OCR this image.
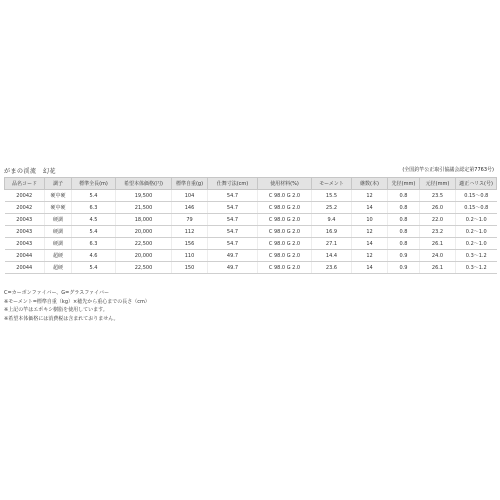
がまの渓流　幻花	(全国釣竿公正取引協議会認定第7763号)
品名コード	調子	標準全長(m)	希望本体価格(円)	標準自重(g)	仕舞寸法(cm)	使用材料(%)	モーメント	継数(本)	先径(mm)	元径(mm)	適正ハリス(号)
20042	硬中硬	5.4	19,500	104	54.7	C 98.0 G 2.0	15.5	12	0.8	23.5	0.15〜0.8
20042	硬中硬	6.3	21,500	146	54.7	C 98.0 G 2.0	25.2	14	0.8	26.0	0.15〜0.8
20043	硬調	4.5	18,000	79	54.7	C 98.0 G 2.0	9.4	10	0.8	22.0	0.2〜1.0
20043	硬調	5.4	20,000	112	54.7	C 98.0 G 2.0	16.9	12	0.8	23.2	0.2〜1.0
20043	硬調	6.3	22,500	156	54.7	C 98.0 G 2.0	27.1	14	0.8	26.1	0.2〜1.0
20044	超硬	4.6	20,000	110	49.7	C 98.0 G 2.0	14.4	12	0.9	24.0	0.3〜1.2
20044	超硬	5.4	22,500	150	49.7	C 98.0 G 2.0	23.6	14	0.9	26.1	0.3〜1.2
C=カーボンファイバー、G=グラスファイバー
※モーメント=標準自重（kg）×穂先から重心までの長さ（cm）
※上記の竿はエポキシ樹脂を使用しています。
※希望本体価格には消費税は含まれておりません。
